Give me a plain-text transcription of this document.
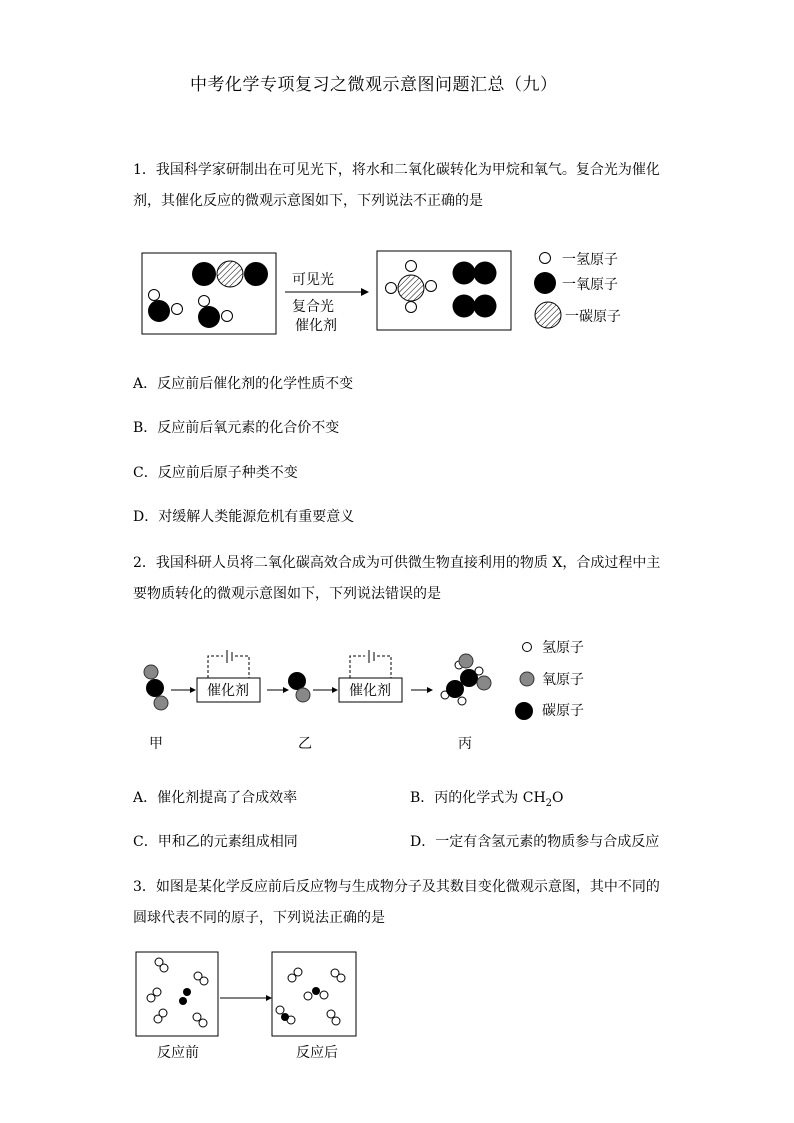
中考化学专项复习之微观示意图问题汇总（九）
1．我国科学家研制出在可见光下，将水和二氧化碳转化为甲烷和氧气。复合光为催化
剂，其催化反应的微观示意图如下，下列说法不正确的是
可见光
复合光
催化剂
一氢原子
一氧原子
一碳原子
A．反应前后催化剂的化学性质不变
B．反应前后氧元素的化合价不变
C．反应前后原子种类不变
D．对缓解人类能源危机有重要意义
2．我国科研人员将二氧化碳高效合成为可供微生物直接利用的物质 X，合成过程中主
要物质转化的微观示意图如下，下列说法错误的是
催化剂	催化剂
氢原子
氧原子
碳原子
甲	乙	丙
A．催化剂提高了合成效率	B．丙的化学式为 $CH_2O$
C．甲和乙的元素组成相同	D．一定有含氢元素的物质参与合成反应
3．如图是某化学反应前后反应物与生成物分子及其数目变化微观示意图，其中不同的
圆球代表不同的原子，下列说法正确的是
反应前	反应后
